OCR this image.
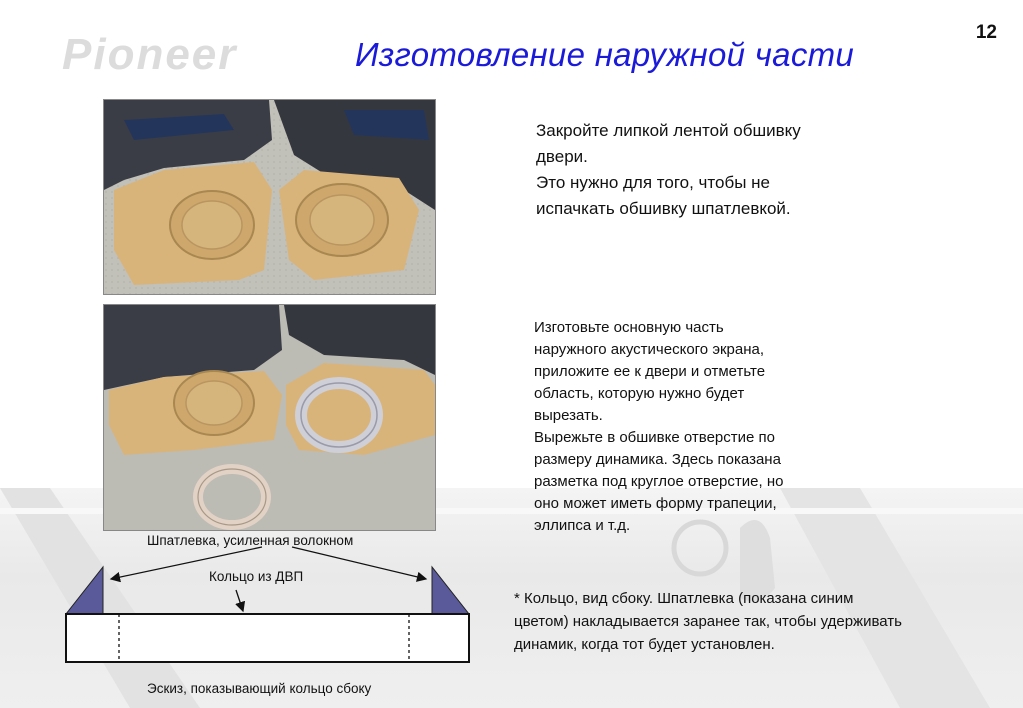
Pioneer	12
Изготовление наружной части
Закройте липкой лентой обшивку
двери.
Это нужно для того, чтобы не
испачкать обшивку шпатлевкой.
Изготовьте основную часть
наружного акустического экрана,
приложите ее к двери и отметьте
область, которую нужно будет
вырезать.
Вырежьте в обшивке отверстие по
размеру динамика. Здесь показана
разметка под круглое отверстие, но
оно может иметь форму трапеции,
эллипса и т.д.
* Кольцо, вид сбоку. Шпатлевка (показана синим
цветом) накладывается заранее так, чтобы удерживать
динамик, когда тот будет установлен.
Шпатлевка, усиленная волокном
Кольцо из ДВП
Эскиз, показывающий кольцо сбоку
